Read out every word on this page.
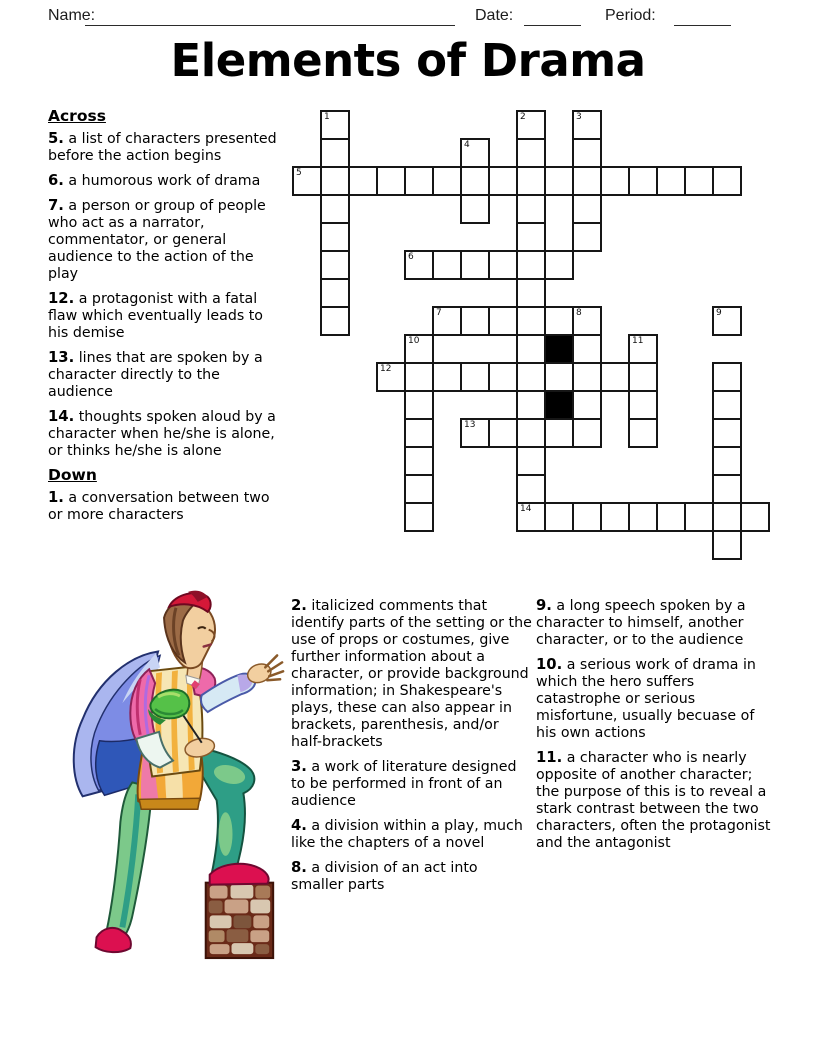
Name:	Date:	Period:
Elements of Drama

Across

5. a list of characters presented before the action begins

6. a humorous work of drama

7. a person or group of people who act as a narrator, commentator, or general audience to the action of the play

12. a protagonist with a fatal flaw which eventually leads to his demise

13. lines that are spoken by a character directly to the audience

14. thoughts spoken aloud by a character when he/she is alone, or thinks he/she is alone

Down

1. a conversation between two or more characters

1	2	3
4
5
6
7	8	9
10	11
12
13
14

2. italicized comments that identify parts of the setting or the use of props or costumes, give further information about a character, or provide background information; in Shakespeare's plays, these can also appear in brackets, parenthesis, and/or half-brackets

3. a work of literature designed to be performed in front of an audience

4. a division within a play, much like the chapters of a novel

8. a division of an act into smaller parts

9. a long speech spoken by a character to himself, another character, or to the audience

10. a serious work of drama in which the hero suffers catastrophe or serious misfortune, usually becuase of his own actions

11. a character who is nearly opposite of another character; the purpose of this is to reveal a stark contrast between the two characters, often the protagonist and the antagonist
